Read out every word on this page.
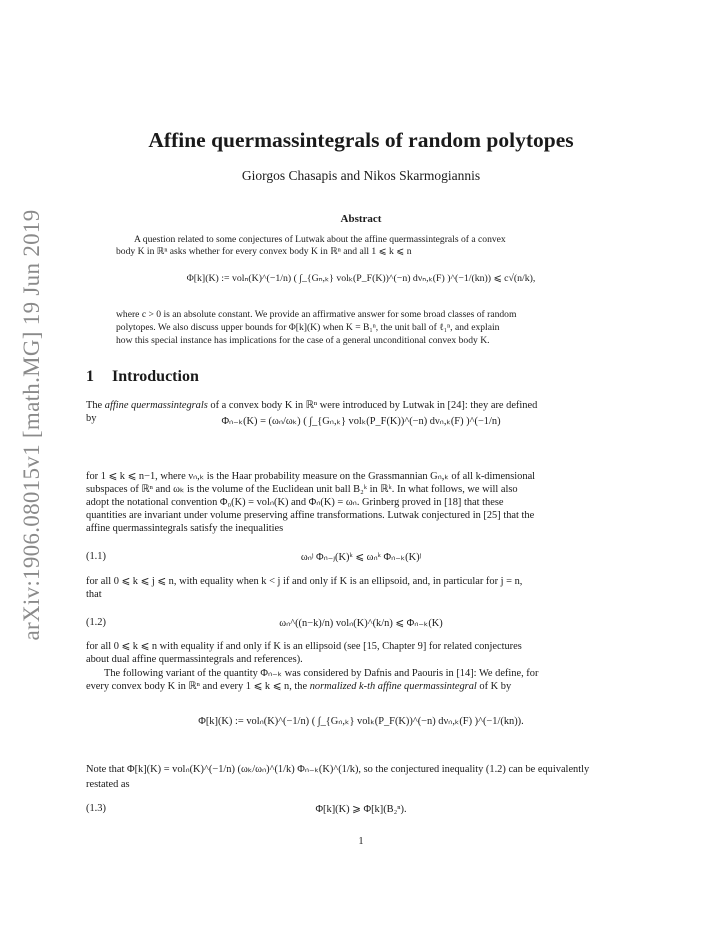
arXiv:1906.08015v1 [math.MG] 19 Jun 2019
Affine quermassintegrals of random polytopes
Giorgos Chasapis and Nikos Skarmogiannis
Abstract
A question related to some conjectures of Lutwak about the affine quermassintegrals of a convex
body K in ℝⁿ asks whether for every convex body K in ℝⁿ and all 1 ⩽ k ⩽ n
Φ[k](K) := volₙ(K)^(−1/n) ( ∫_{Gₙ,ₖ} volₖ(P_F(K))^(−n) dνₙ,ₖ(F) )^(−1/(kn)) ⩽ c√(n/k),
where c > 0 is an absolute constant. We provide an affirmative answer for some broad classes of random
polytopes. We also discuss upper bounds for Φ[k](K) when K = B₁ⁿ, the unit ball of ℓ₁ⁿ, and explain
how this special instance has implications for the case of a general unconditional convex body K.
1 Introduction
The affine quermassintegrals of a convex body K in ℝⁿ were introduced by Lutwak in [24]: they are defined
by	Φₙ₋ₖ(K) = (ωₙ/ωₖ) ( ∫_{Gₙ,ₖ} volₖ(P_F(K))^(−n) dνₙ,ₖ(F) )^(−1/n)
for 1 ⩽ k ⩽ n−1, where νₙ,ₖ is the Haar probability measure on the Grassmannian Gₙ,ₖ of all k-dimensional
subspaces of ℝⁿ and ωₖ is the volume of the Euclidean unit ball B₂ᵏ in ℝᵏ. In what follows, we will also
adopt the notational convention Φ₀(K) = volₙ(K) and Φₙ(K) = ωₙ. Grinberg proved in [18] that these
quantities are invariant under volume preserving affine transformations. Lutwak conjectured in [25] that the
affine quermassintegrals satisfy the inequalities
(1.1)	ωₙʲ Φₙ₋ⱼ(K)ᵏ ⩽ ωₙᵏ Φₙ₋ₖ(K)ʲ
for all 0 ⩽ k ⩽ j ⩽ n, with equality when k < j if and only if K is an ellipsoid, and, in particular for j = n,
that
(1.2)	ωₙ^((n−k)/n) volₙ(K)^(k/n) ⩽ Φₙ₋ₖ(K)
for all 0 ⩽ k ⩽ n with equality if and only if K is an ellipsoid (see [15, Chapter 9] for related conjectures
about dual affine quermassintegrals and references).
The following variant of the quantity Φₙ₋ₖ was considered by Dafnis and Paouris in [14]: We define, for
every convex body K in ℝⁿ and every 1 ⩽ k ⩽ n, the normalized k-th affine quermassintegral of K by
Φ[k](K) := volₙ(K)^(−1/n) ( ∫_{Gₙ,ₖ} volₖ(P_F(K))^(−n) dνₙ,ₖ(F) )^(−1/(kn)).
Note that Φ[k](K) = volₙ(K)^(−1/n) (ωₖ/ωₙ)^(1/k) Φₙ₋ₖ(K)^(1/k), so the conjectured inequality (1.2) can be equivalently
restated as
(1.3)	Φ[k](K) ⩾ Φ[k](B₂ⁿ).
1
